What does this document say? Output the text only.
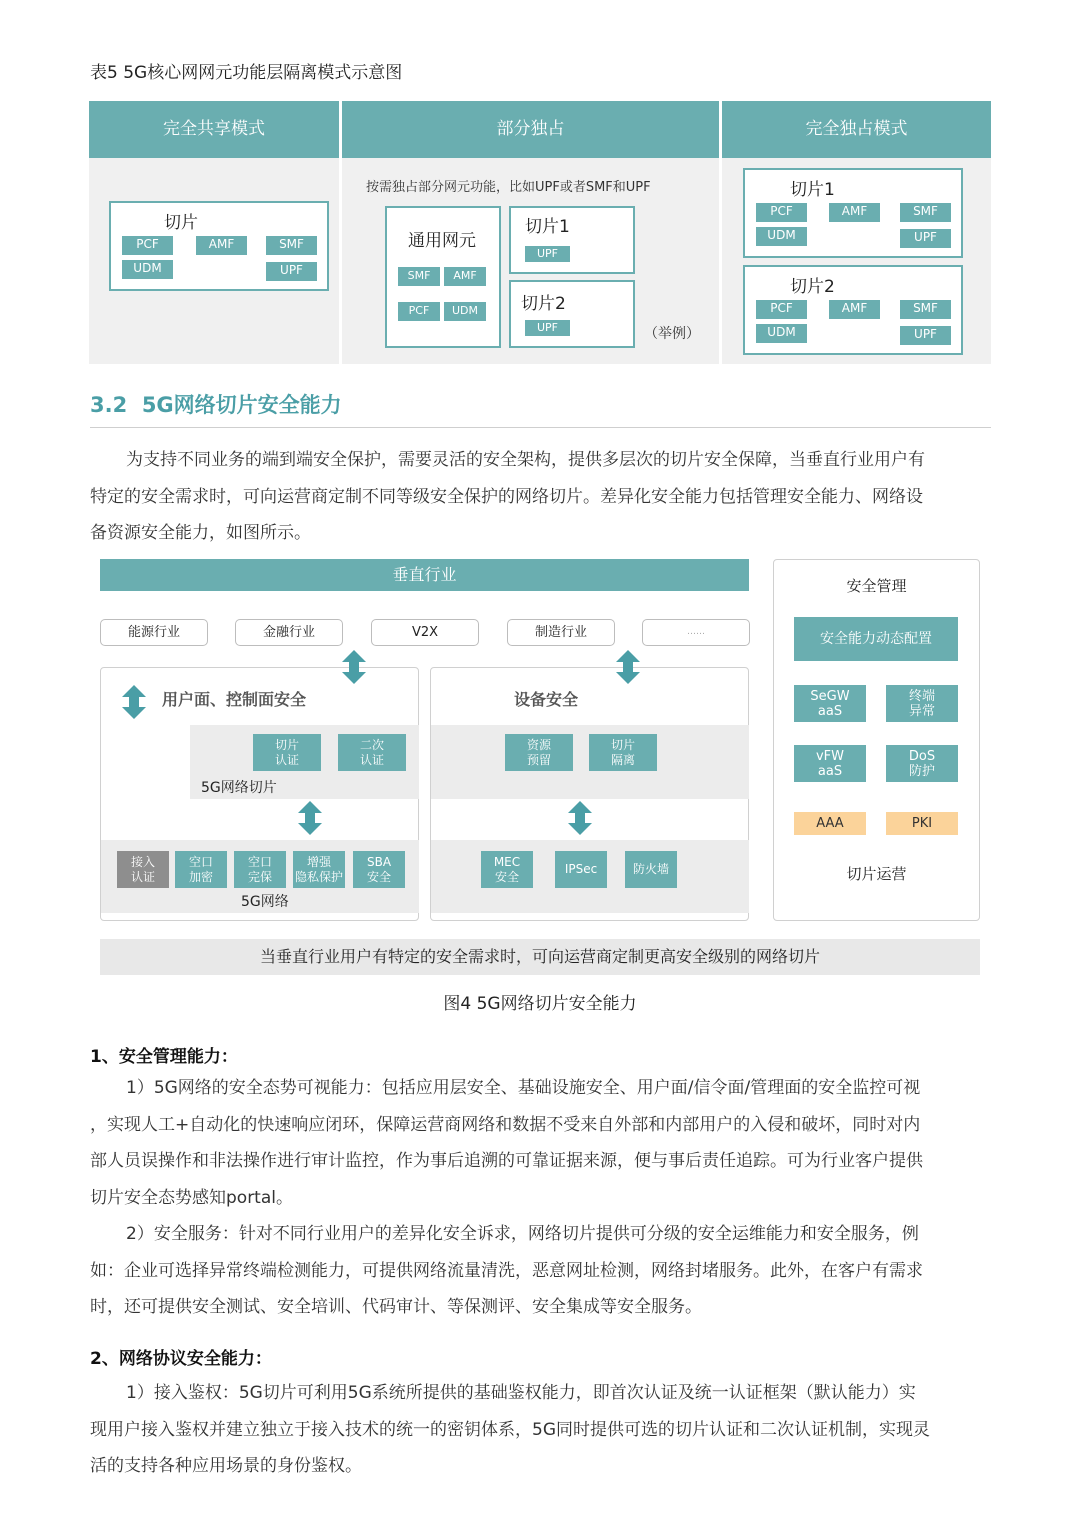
表5 5G核心网网元功能层隔离模式示意图
完全共享模式	部分独占	完全独占模式
切片
PCF	AMF	SMF
UDM	UPF
按需独占部分网元功能，比如UPF或者SMF和UPF
通用网元
SMF	AMF
PCF	UDM
切片1
UPF
切片2
UPF	（举例）
切片1
PCF	AMF	SMF
UDM	UPF
切片2
PCF	AMF	SMF
UDM	UPF
3.2  5G网络切片安全能力

为支持不同业务的端到端安全保护，需要灵活的安全架构，提供多层次的切片安全保障，当垂直行业用户有

特定的安全需求时，可向运营商定制不同等级安全保护的网络切片。差异化安全能力包括管理安全能力、网络设

备资源安全能力，如图所示。

垂直行业
能源行业	金融行业	V2X	制造行业	……
用户面、控制面安全	设备安全
切片
认证
二次
认证
5G网络切片
资源
预留
切片
隔离
接入
认证
空口
加密
空口
完保
增强
隐私保护
SBA
安全
5G网络
MEC
安全
IPSec	防火墙
安全管理
安全能力动态配置
SeGW
aaS
终端
异常
vFW
aaS
DoS
防护
AAA	PKI
切片运营
当垂直行业用户有特定的安全需求时，可向运营商定制更高安全级别的网络切片
图4 5G网络切片安全能力
1、安全管理能力：

1）5G网络的安全态势可视能力：包括应用层安全、基础设施安全、用户面/信令面/管理面的安全监控可视

，实现人工+自动化的快速响应闭环，保障运营商网络和数据不受来自外部和内部用户的入侵和破坏，同时对内

部人员误操作和非法操作进行审计监控，作为事后追溯的可靠证据来源，便与事后责任追踪。可为行业客户提供

切片安全态势感知portal。

2）安全服务：针对不同行业用户的差异化安全诉求，网络切片提供可分级的安全运维能力和安全服务，例

如：企业可选择异常终端检测能力，可提供网络流量清洗，恶意网址检测，网络封堵服务。此外，在客户有需求

时，还可提供安全测试、安全培训、代码审计、等保测评、安全集成等安全服务。

2、网络协议安全能力：

1）接入鉴权：5G切片可利用5G系统所提供的基础鉴权能力，即首次认证及统一认证框架（默认能力）实

现用户接入鉴权并建立独立于接入技术的统一的密钥体系，5G同时提供可选的切片认证和二次认证机制，实现灵

活的支持各种应用场景的身份鉴权。
